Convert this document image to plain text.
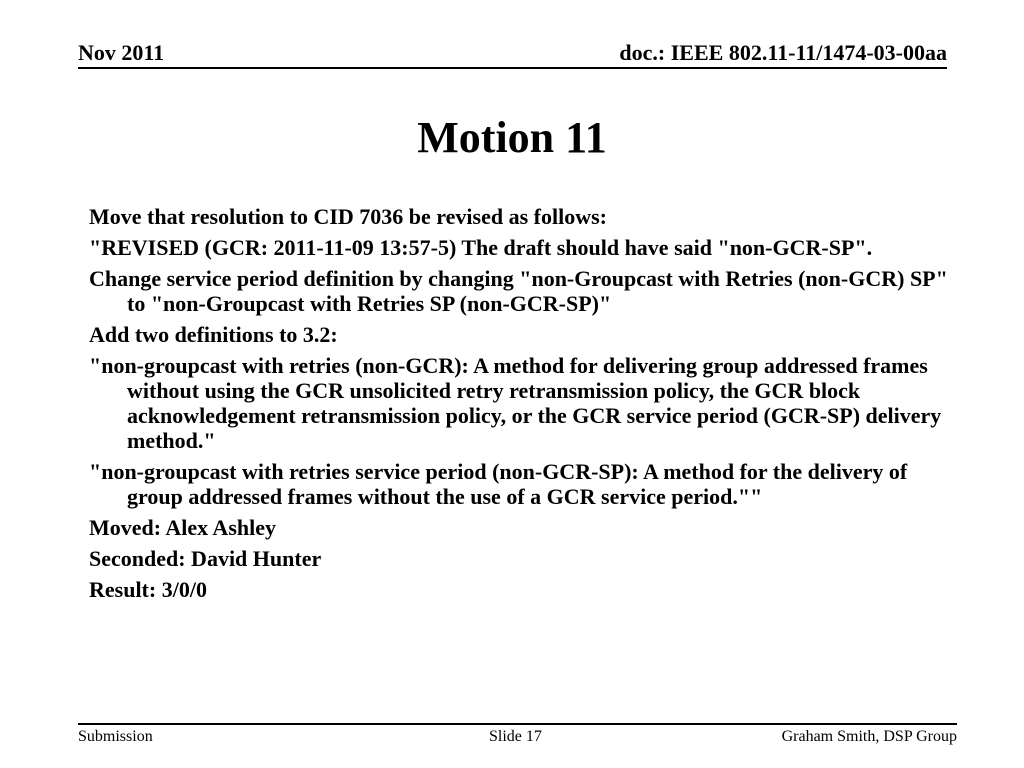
Nov 2011	doc.: IEEE 802.11-11/1474-03-00aa
Motion 11
Move that resolution to CID 7036 be revised as follows:
"REVISED (GCR: 2011-11-09 13:57-5) The draft should have said "non-GCR-SP".
Change service period definition by changing "non-Groupcast with Retries (non-GCR) SP" to "non-Groupcast with Retries SP (non-GCR-SP)"
Add two definitions to 3.2:
"non-groupcast with retries (non-GCR): A method for delivering group addressed frames without using the GCR unsolicited retry retransmission policy, the GCR block acknowledgement retransmission policy, or the GCR service period (GCR-SP) delivery method."
"non-groupcast with retries service period (non-GCR-SP): A method for the delivery of group addressed frames without the use of a GCR service period.""
Moved: Alex Ashley
Seconded: David Hunter
Result: 3/0/0
Submission	Slide 17	Graham Smith, DSP Group
